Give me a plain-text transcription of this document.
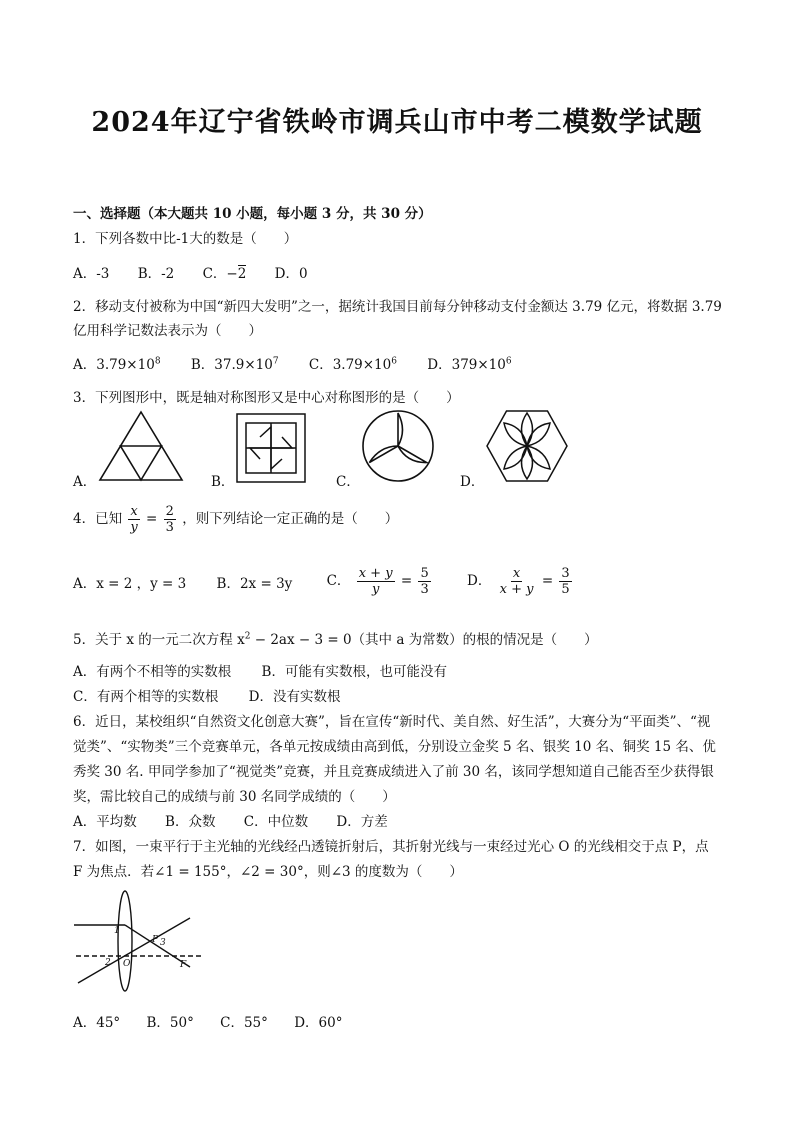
2024年辽宁省铁岭市调兵山市中考二模数学试题
一、选择题（本大题共 10 小题，每小题 3 分，共 30 分）
1．下列各数中比-1大的数是（　　）
A．-3 B．-2 C．−2 D．0
2．移动支付被称为中国“新四大发明”之一，据统计我国目前每分钟移动支付金额达 3.79 亿元，将数据 3.79
亿用科学记数法表示为（　　）
A．$3.79\times 10^8$ B．$37.9\times 10^7$ C．$3.79\times 10^6$ D．$379\times 10^6$
3．下列图形中，既是轴对称图形又是中心对称图形的是（　　）
A．	B．	C．	D．
4．已知 $\frac{x}{y} = \frac{2}{3}$ ，则下列结论一定正确的是（　　）
A．x = 2 ，y = 3 B．2x = 3y	C． $\frac{x + y}{y} = \frac{5}{3}$	D． $\frac{x}{x + y} = \frac{3}{5}$
5．关于 x 的一元二次方程 $x^2 - 2ax - 3 = 0$（其中 a 为常数）的根的情况是（　　）
A．有两个不相等的实数根 B．可能有实数根，也可能没有
C．有两个相等的实数根 D．没有实数根
6．近日，某校组织“自然资文化创意大赛”，旨在宣传“新时代、美自然、好生活”，大赛分为“平面类”、“视
觉类”、“实物类”三个竞赛单元，各单元按成绩由高到低，分别设立金奖 5 名、银奖 10 名、铜奖 15 名、优
秀奖 30 名. 甲同学参加了“视觉类”竞赛，并且竞赛成绩进入了前 30 名，该同学想知道自己能否至少获得银
奖，需比较自己的成绩与前 30 名同学成绩的（　　）
A．平均数 B．众数 C．中位数 D．方差
7．如图，一束平行于主光轴的光线经凸透镜折射后，其折射光线与一束经过光心 O 的光线相交于点 P，点
F 为焦点．若∠1 = 155°，∠2 = 30°，则∠3 的度数为（　　）
1
2 O
P 3
F
A．45° B．50° C．55° D．60°
